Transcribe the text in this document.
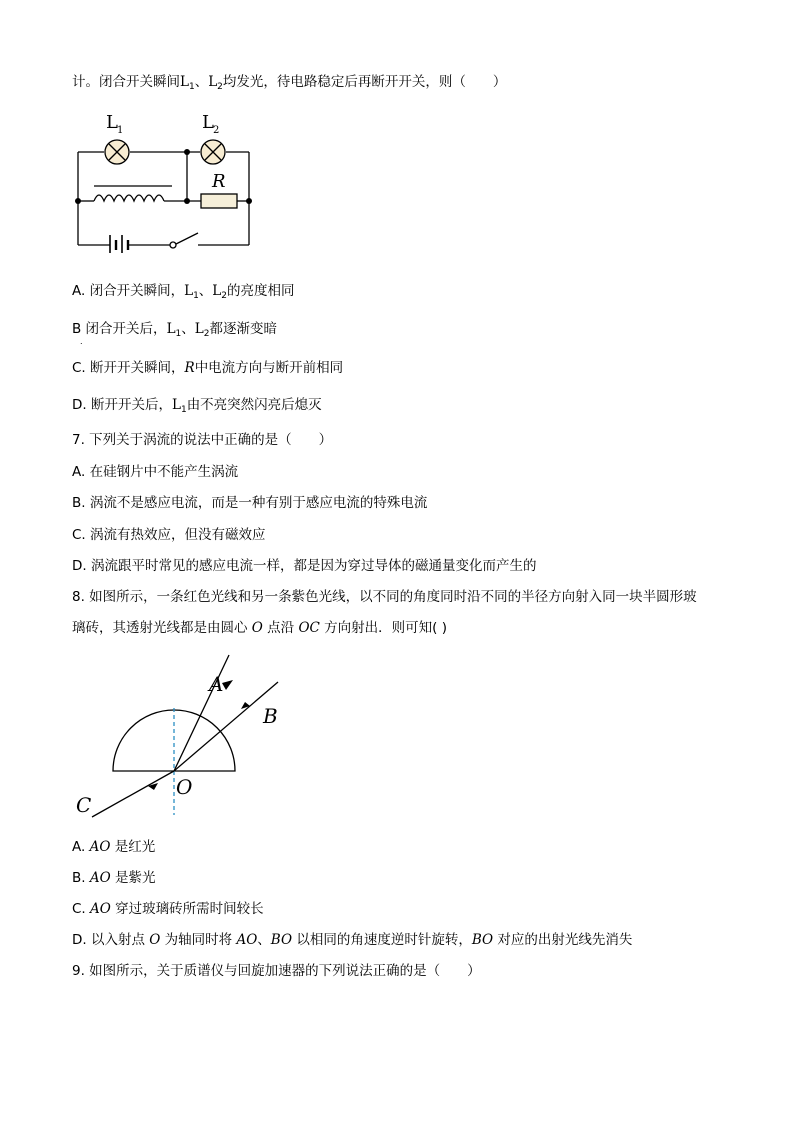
计。闭合开关瞬间$L_1$、$L_2$均发光，待电路稳定后再断开开关，则（　　）
L 1	L 2
R
A. 闭合开关瞬间，$L_1$、$L_2$的亮度相同
B 闭合开关后，$L_1$、$L_2$都逐渐变暗
.
C. 断开开关瞬间，R中电流方向与断开前相同
D. 断开开关后，$L_1$由不亮突然闪亮后熄灭
7. 下列关于涡流的说法中正确的是（　　）
A. 在硅钢片中不能产生涡流
B. 涡流不是感应电流，而是一种有别于感应电流的特殊电流
C. 涡流有热效应，但没有磁效应
D. 涡流跟平时常见的感应电流一样，都是因为穿过导体的磁通量变化而产生的
8. 如图所示，一条红色光线和另一条紫色光线，以不同的角度同时沿不同的半径方向射入同一块半圆形玻
璃砖，其透射光线都是由圆心 O 点沿 OC 方向射出．则可知( )
A
B
C
O
A. AO 是红光
B. AO 是紫光
C. AO 穿过玻璃砖所需时间较长
D. 以入射点 O 为轴同时将 AO、BO 以相同的角速度逆时针旋转，BO 对应的出射光线先消失
9. 如图所示，关于质谱仪与回旋加速器的下列说法正确的是（　　）
